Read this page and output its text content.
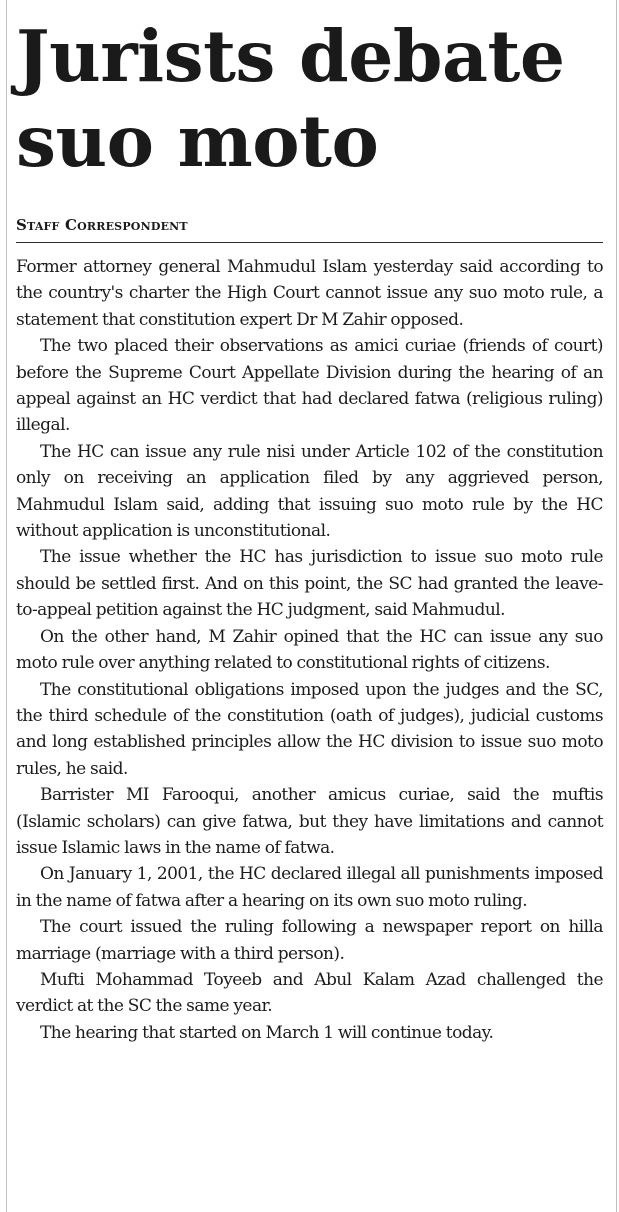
Jurists debate suo moto
Staff Correspondent

Former attorney general Mahmudul Islam yesterday said according to the country's charter the High Court cannot issue any suo moto rule, a statement that constitution expert Dr M Zahir opposed.

The two placed their observations as amici curiae (friends of court) before the Supreme Court Appellate Division during the hearing of an appeal against an HC verdict that had declared fatwa (religious ruling) illegal.

The HC can issue any rule nisi under Article 102 of the constitution only on receiving an application filed by any aggrieved person, Mahmudul Islam said, adding that issuing suo moto rule by the HC without application is unconstitutional.

The issue whether the HC has jurisdiction to issue suo moto rule should be settled first. And on this point, the SC had granted the leave-to-appeal petition against the HC judgment, said Mahmudul.

On the other hand, M Zahir opined that the HC can issue any suo moto rule over anything related to constitutional rights of citizens.

The constitutional obligations imposed upon the judges and the SC, the third schedule of the constitution (oath of judges), judicial customs and long established principles allow the HC division to issue suo moto rules, he said.

Barrister MI Farooqui, another amicus curiae, said the muftis (Islamic scholars) can give fatwa, but they have limitations and cannot issue Islamic laws in the name of fatwa.

On January 1, 2001, the HC declared illegal all punishments imposed in the name of fatwa after a hearing on its own suo moto ruling.

The court issued the ruling following a newspaper report on hilla marriage (marriage with a third person).

Mufti Mohammad Toyeeb and Abul Kalam Azad challenged the verdict at the SC the same year.

The hearing that started on March 1 will continue today.
